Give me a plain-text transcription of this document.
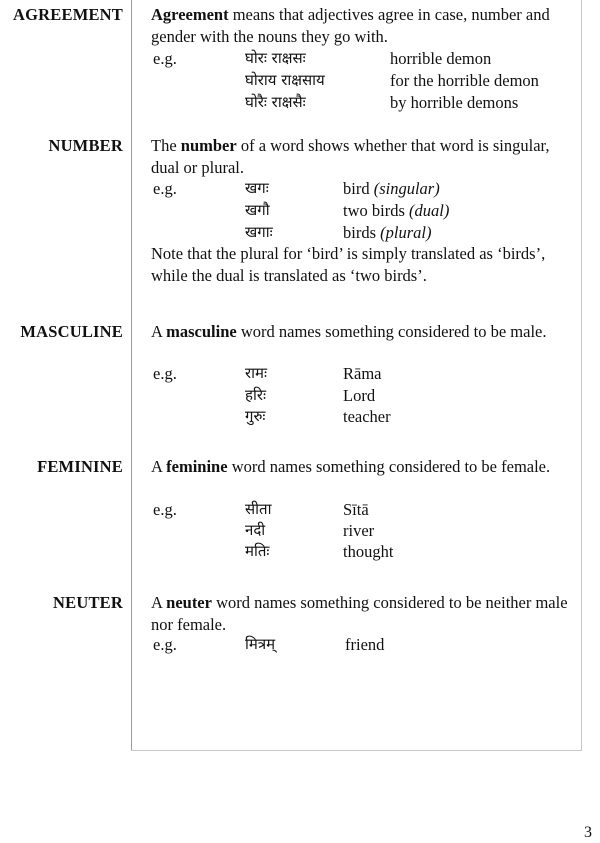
AGREEMENT Agreement means that adjectives agree in case, number and gender with the nouns they go with.

e.g.	घोरः राक्षसः	horrible demon
घोराय राक्षसाय	for the horrible demon
घोरैः राक्षसैः	by horrible demons
NUMBER The number of a word shows whether that word is singular, dual or plural.

e.g.	खगः	bird (singular)
खगौ	two birds (dual)
खगाः	birds (plural)
Note that the plural for ‘bird’ is simply translated as ‘birds’, while the dual is translated as ‘two birds’.
MASCULINE A masculine word names something considered to be male.

e.g.	रामः	Rāma
हरिः	Lord
गुरुः	teacher
FEMININE A feminine word names something considered to be female.

e.g.	सीता	Sītā
नदी	river
मतिः	thought
NEUTER A neuter word names something considered to be neither male nor female.

e.g.	मित्रम्	friend
3
